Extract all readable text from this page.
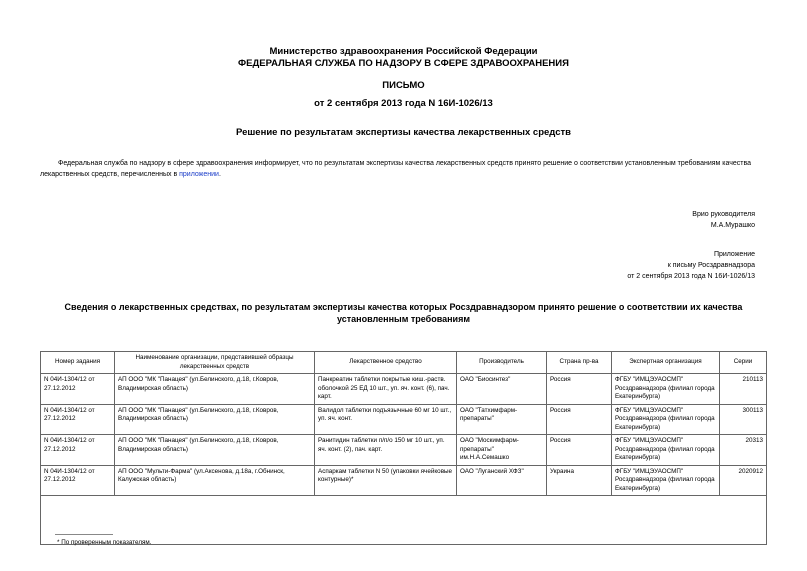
Министерство здравоохранения Российской Федерации
ФЕДЕРАЛЬНАЯ СЛУЖБА ПО НАДЗОРУ В СФЕРЕ ЗДРАВООХРАНЕНИЯ
ПИСЬМО
от 2 сентября 2013 года N 16И-1026/13
Решение по результатам экспертизы качества лекарственных средств
Федеральная служба по надзору в сфере здравоохранения информирует, что по результатам экспертизы качества лекарственных средств принято решение о соответствии установленным требованиям качества лекарственных средств, перечисленных в приложении.
Врио руководителя
М.А.Мурашко
Приложение
к письму Росздравнадзора
от 2 сентября 2013 года N 16И-1026/13
Сведения о лекарственных средствах, по результатам экспертизы качества которых Росздравнадзором принято решение о соответствии их качества установленным требованиям
Номер задания	Наименование организации, представившей образцы лекарственных средств	Лекарственное средство	Производитель	Страна пр-ва	Экспертная организация	Серии
N 04И-1304/12 от 27.12.2012	АП ООО "МК "Панацея" (ул.Белинского, д.18, г.Ковров, Владимирская область)	Панкреатин таблетки покрытые киш.-раств. оболочкой 25 ЕД 10 шт., уп. яч. конт. (6), пач. карт.	ОАО "Биосинтез"	Россия	ФГБУ "ИМЦЭУАОСМП" Росздравнадзора (филиал города Екатеринбурга)	210113
N 04И-1304/12 от 27.12.2012	АП ООО "МК "Панацея" (ул.Белинского, д.18, г.Ковров, Владимирская область)	Валидол таблетки подъязычные 60 мг 10 шт., уп. яч. конт.	ОАО "Татхимфарм-препараты"	Россия	ФГБУ "ИМЦЭУАОСМП" Росздравнадзора (филиал города Екатеринбурга)	300113
N 04И-1304/12 от 27.12.2012	АП ООО "МК "Панацея" (ул.Белинского, д.18, г.Ковров, Владимирская область)	Ранитидин таблетки п/п/о 150 мг 10 шт., уп. яч. конт. (2), пач. карт.	ОАО "Москимфарм-препараты" им.Н.А.Семашко	Россия	ФГБУ "ИМЦЭУАОСМП" Росздравнадзора (филиал города Екатеринбурга)	20313
N 04И-1304/12 от 27.12.2012	АП ООО "Мульти-Фарма" (ул.Аксенова, д.18а, г.Обнинск, Калужская область)	Аспаркам таблетки N 50 (упаковки ячейковые контурные)*	ОАО "Луганский ХФЗ"	Украина	ФГБУ "ИМЦЭУАОСМП" Росздравнадзора (филиал города Екатеринбурга)	2020912

* По проверенным показателям.						
